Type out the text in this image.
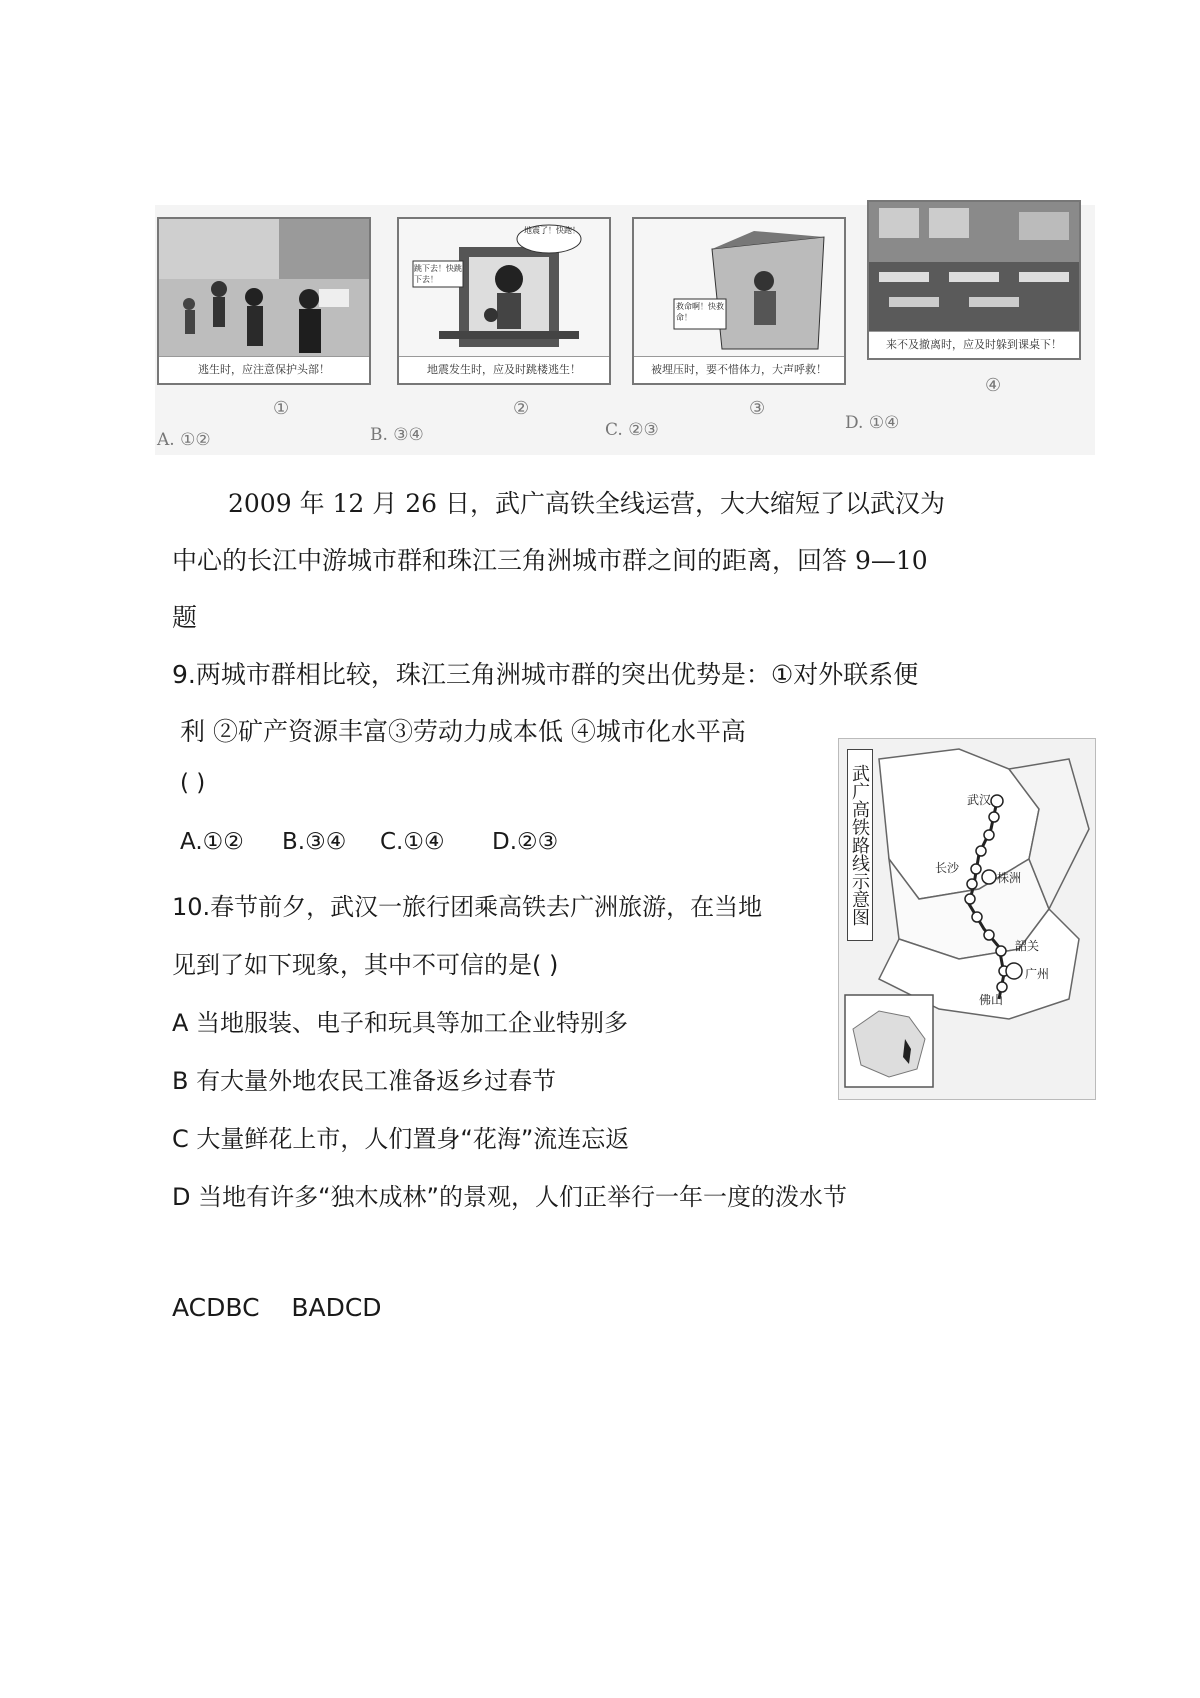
逃生时，应注意保护头部！
地震了！快跑！
跳下去！快跳下去！
地震发生时，应及时跳楼逃生！
救命啊！快救命！
被埋压时，要不惜体力，大声呼救！
来不及撤离时，应及时躲到课桌下！
①	②	③
④
A. ①②	B. ③④	C. ②③	D. ①④
2009 年 12 月 26 日，武广高铁全线运营，大大缩短了以武汉为
中心的长江中游城市群和珠江三角洲城市群之间的距离，回答 9—10
题
9.两城市群相比较，珠江三角洲城市群的突出优势是：①对外联系便
利 ②矿产资源丰富③劳动力成本低 ④城市化水平高
( )
A.①② B.③④ C.①④ D.②③
10.春节前夕，武汉一旅行团乘高铁去广洲旅游，在当地
见到了如下现象，其中不可信的是( )
A 当地服装、电子和玩具等加工企业特别多
B 有大量外地农民工准备返乡过春节
C 大量鲜花上市，人们置身“花海”流连忘返
D 当地有许多“独木成林”的景观，人们正举行一年一度的泼水节
ACDBC    BADCD
武广高铁路线示意图	武汉
长沙
株洲
韶关
广州
佛山
